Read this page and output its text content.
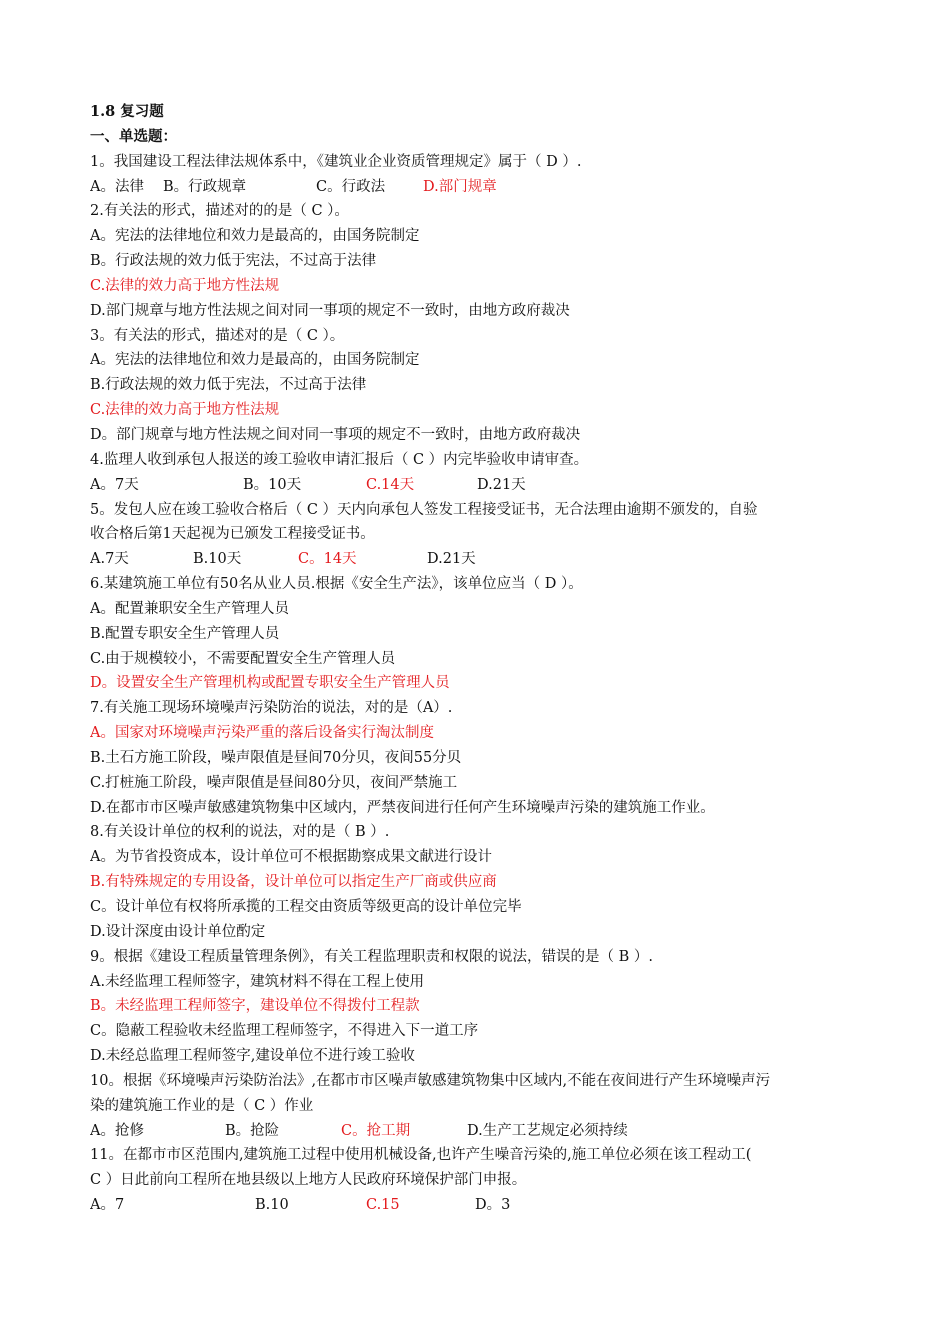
1.8 复习题
一、单选题：
1。我国建设工程法律法规体系中，《建筑业企业资质管理规定》属于（ D ）.
A。法律 B。行政规章	C。行政法	D.部门规章
2.有关法的形式，描述对的的是（ C ）。
A。宪法的法律地位和效力是最高的，由国务院制定
B。行政法规的效力低于宪法，不过高于法律
C.法律的效力高于地方性法规
D.部门规章与地方性法规之间对同一事项的规定不一致时，由地方政府裁决
3。有关法的形式，描述对的是（ C ）。
A。宪法的法律地位和效力是最高的，由国务院制定
B.行政法规的效力低于宪法，不过高于法律
C.法律的效力高于地方性法规
D。部门规章与地方性法规之间对同一事项的规定不一致时，由地方政府裁决
4.监理人收到承包人报送的竣工验收申请汇报后（ C ）内完毕验收申请审查。
A。7天	B。10天	C.14天	D.21天
5。发包人应在竣工验收合格后（ C ）天内向承包人签发工程接受证书，无合法理由逾期不颁发的，自验
收合格后第1天起视为已颁发工程接受证书。
A.7天	B.10天	C。14天	D.21天
6.某建筑施工单位有50名从业人员.根据《安全生产法》，该单位应当（ D ）。
A。配置兼职安全生产管理人员
B.配置专职安全生产管理人员
C.由于规模较小，不需要配置安全生产管理人员
D。设置安全生产管理机构或配置专职安全生产管理人员
7.有关施工现场环境噪声污染防治的说法，对的是（A）.
A。国家对环境噪声污染严重的落后设备实行淘汰制度
B.土石方施工阶段，噪声限值是昼间70分贝，夜间55分贝
C.打桩施工阶段，噪声限值是昼间80分贝，夜间严禁施工
D.在都市市区噪声敏感建筑物集中区域内，严禁夜间进行任何产生环境噪声污染的建筑施工作业。
8.有关设计单位的权利的说法，对的是（ B ）.
A。为节省投资成本，设计单位可不根据勘察成果文献进行设计
B.有特殊规定的专用设备，设计单位可以指定生产厂商或供应商
C。设计单位有权将所承揽的工程交由资质等级更高的设计单位完毕
D.设计深度由设计单位酌定
9。根据《建设工程质量管理条例》，有关工程监理职责和权限的说法，错误的是（ B ）.
A.未经监理工程师签字，建筑材料不得在工程上使用
B。未经监理工程师签字，建设单位不得拨付工程款
C。隐蔽工程验收未经监理工程师签字，不得进入下一道工序
D.未经总监理工程师签字,建设单位不进行竣工验收
10。根据《环境噪声污染防治法》,在都市市区噪声敏感建筑物集中区域内,不能在夜间进行产生环境噪声污
染的建筑施工作业的是（ C ）作业
A。抢修	B。抢险	C。抢工期	D.生产工艺规定必须持续
11。在都市市区范围内,建筑施工过程中使用机械设备,也许产生噪音污染的,施工单位必须在该工程动工(
C ）日此前向工程所在地县级以上地方人民政府环境保护部门申报。
A。7	B.10	C.15	D。3
